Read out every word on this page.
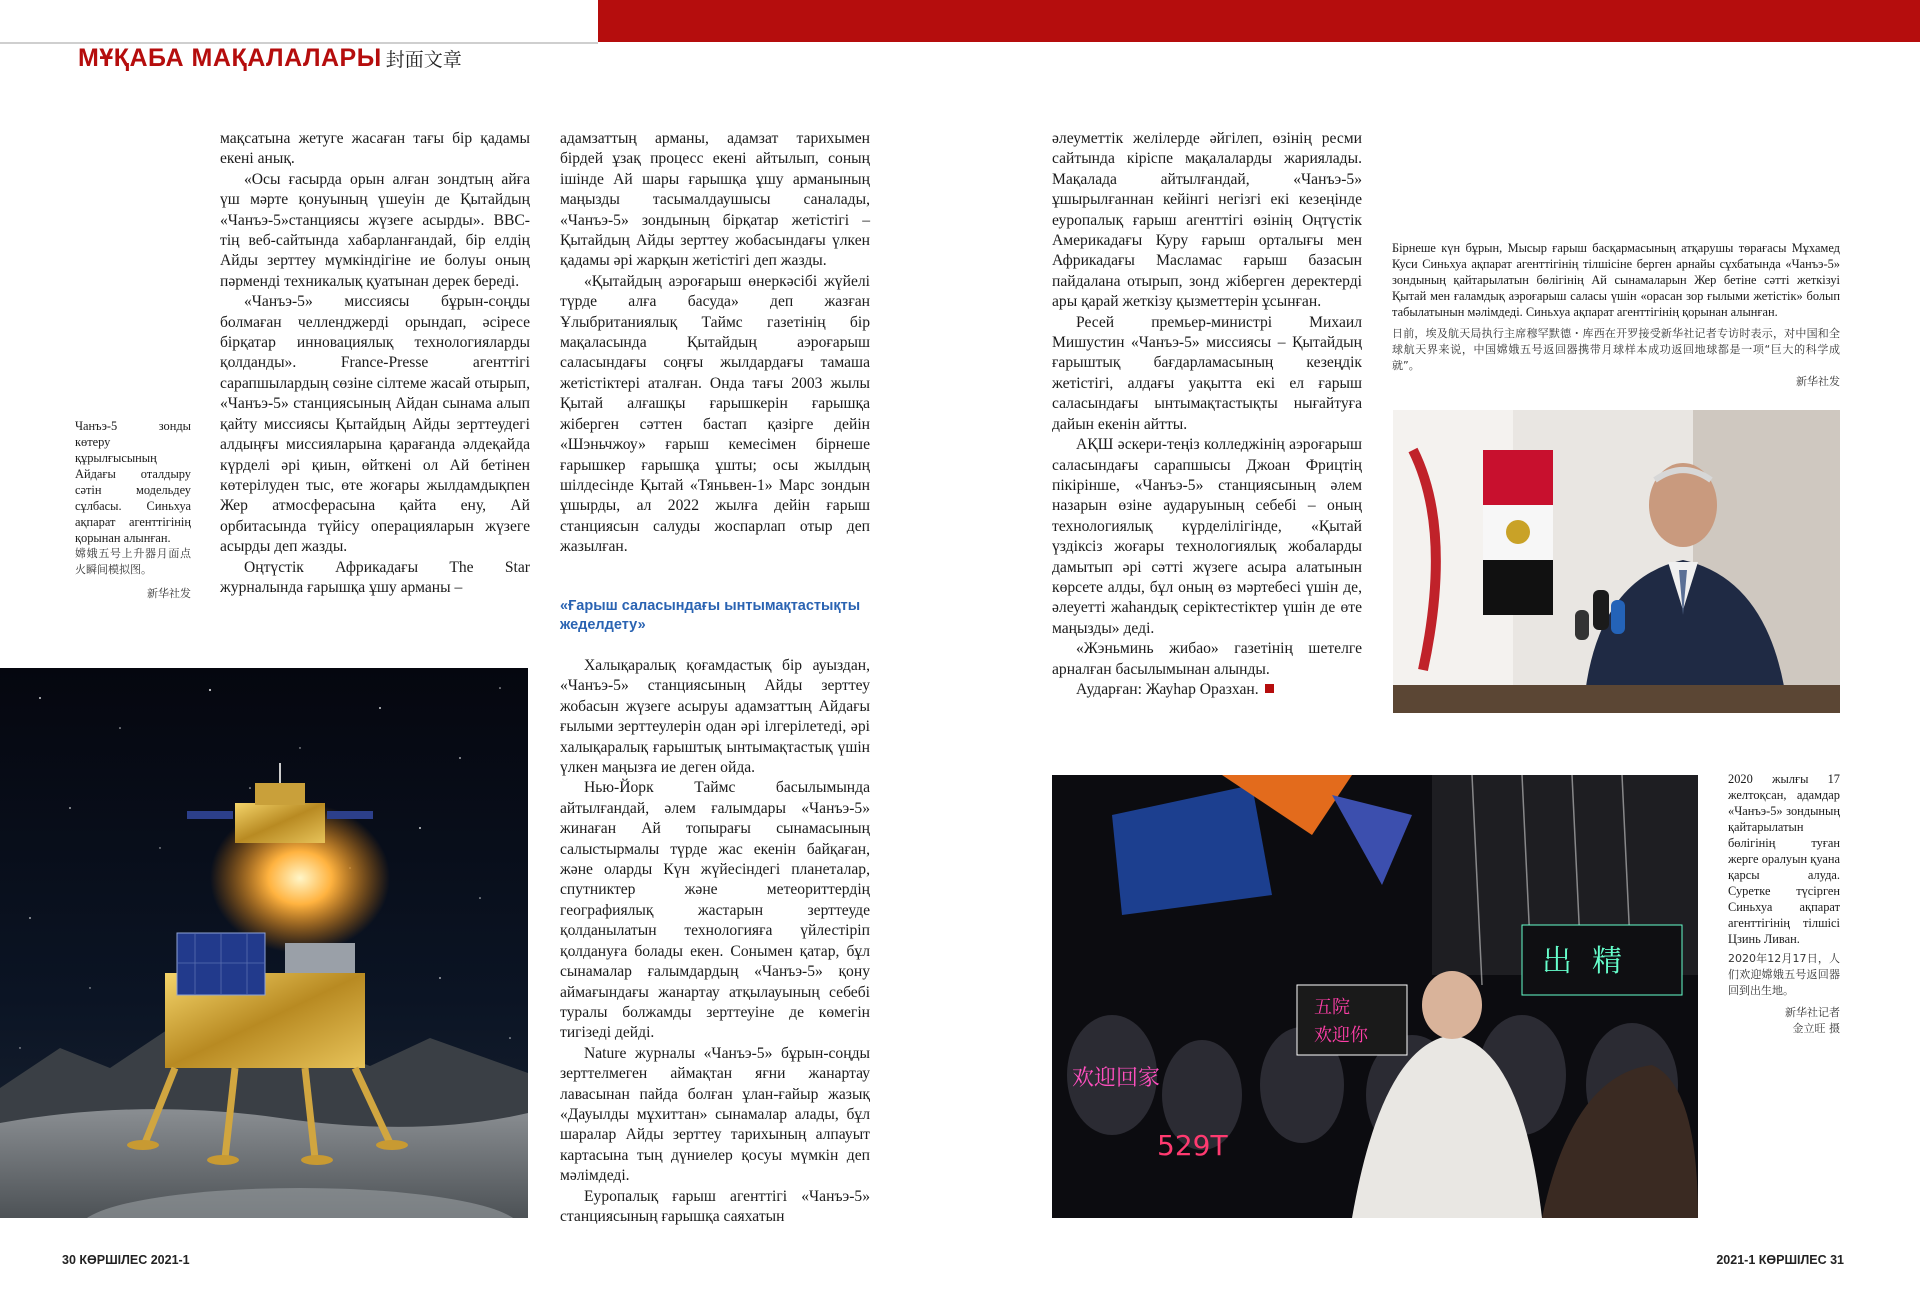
МҰҚАБА МАҚАЛАЛАРЫ 封面文章

мақсатына жетуге жасаған тағы бір қадамы екені анық.

«Осы ғасырда орын алған зондтың айға үш мәрте қонуының үшеуін де Қытайдың «Чанъэ-5»станциясы жүзеге асырды». BBC-тің веб-сайтында хабарланғандай, бір елдің Айды зерттеу мүмкіндігіне ие болуы оның пәрменді техникалық қуатынан дерек береді.

«Чанъэ-5» миссиясы бұрын-соңды болмаған челленджерді орындап, әсіресе бірқатар инновациялық технологияларды қолданды». France-Presse агенттігі сарапшылардың сөзіне сілтеме жасай отырып, «Чанъэ-5» станциясының Айдан сынама алып қайту миссиясы Қытайдың Айды зерттеудегі алдыңғы миссияларына қарағанда әлдеқайда күрделі әрі қиын, өйткені ол Ай бетінен көтерілуден тыс, өте жоғары жылдамдықпен Жер атмосферасына қайта ену, Ай орбитасында түйісу операцияларын жүзеге асырды деп жазды.

Оңтүстік Африкадағы The Star журналында ғарышқа ұшу арманы –

адамзаттың арманы, адамзат тарихымен бірдей ұзақ процесс екені айтылып, соның ішінде Ай шары ғарышқа ұшу арманының маңызды тасымалдаушысы саналады, «Чанъэ-5» зондының бірқатар жетістігі – Қытайдың Айды зерттеу жобасындағы үлкен қадамы әрі жарқын жетістігі деп жазды.

«Қытайдың аэроғарыш өнеркәсібі жүйелі түрде алға басуда» деп жазған Ұлыбританиялық Таймс газетінің бір мақаласында Қытайдың аэроғарыш саласындағы соңғы жылдардағы тамаша жетістіктері аталған. Онда тағы 2003 жылы Қытай алғашқы ғарышкерін ғарышқа жіберген сәттен бастап қазірге дейін «Шэньчжоу» ғарыш кемесімен бірнеше ғарышкер ғарышқа ұшты; осы жылдың шілдесінде Қытай «Тяньвен-1» Марс зондын ұшырды, ал 2022 жылға дейін ғарыш станциясын салуды жоспарлап отыр деп жазылған.

«Ғарыш саласындағы ынтымақтастықты жеделдету»

Халықаралық қоғамдастық бір ауыздан, «Чанъэ-5» станциясының Айды зерттеу жобасын жүзеге асыруы адамзаттың Айдағы ғылыми зерттеулерін одан әрі ілгерілетеді, әрі халықаралық ғарыштық ынтымақтастық үшін үлкен маңызға ие деген ойда.

Нью-Йорк Таймс басылымында айтылғандай, әлем ғалымдары «Чанъэ-5» жинаған Ай топырағы сынамасының салыстырмалы түрде жас екенін байқаған, және оларды Күн жүйесіндегі планеталар, спутниктер және метеориттердің географиялық жастарын зерттеуде қолданылатын технологияға үйлестіріп қолдануға болады екен. Сонымен қатар, бұл сынамалар ғалымдардың «Чанъэ-5» қону аймағындағы жанартау атқылауының себебі туралы болжамды зерттеуіне де көмегін тигізеді дейді.

Nature журналы «Чанъэ-5» бұрын-соңды зерттелмеген аймақтан яғни жанартау лавасынан пайда болған ұлан-ғайыр жазық «Дауылды мұхиттан» сынамалар алады, бұл шаралар Айды зерттеу тарихының алпауыт картасына тың дүниелер қосуы мүмкін деп мәлімдеді.

Еуропалық ғарыш агенттігі «Чанъэ-5» станциясының ғарышқа саяхатын

әлеуметтік желілерде әйгілеп, өзінің ресми сайтында кіріспе мақалаларды жариялады. Мақалада айтылғандай, «Чанъэ-5» ұшырылғаннан кейінгі негізгі екі кезеңінде еуропалық ғарыш агенттігі өзінің Оңтүстік Америкадағы Куру ғарыш орталығы мен Африкадағы Масламаc ғарыш базасын пайдалана отырып, зонд жіберген деректерді ары қарай жеткізу қызметтерін ұсынған.

Ресей премьер-министрі Михаил Мишустин «Чанъэ-5» миссиясы – Қытайдың ғарыштық бағдарламасының кезеңдік жетістігі, алдағы уақытта екі ел ғарыш саласындағы ынтымақтастықты нығайтуға дайын екенін айтты.

АҚШ әскери-теңіз колледжінің аэроғарыш саласындағы сарапшысы Джоан Фрицтің пікірінше, «Чанъэ-5» станциясының әлем назарын өзіне аударуының себебі – оның технологиялық күрделілігінде, «Қытай үздіксіз жоғары технологиялық жобаларды дамытып әрі сәтті жүзеге асыра алатынын көрсете алды, бұл оның өз мәртебесі үшін де, әлеуетті жаһандық серіктестіктер үшін де өте маңызды» деді.

«Жэньминь жибао» газетінің шетелге арналған басылымынан алынды.

Аударған: Жауһар Оразхан.

Чанъэ-5 зонды көтеру құрылғысының Айдағы оталдыру сәтін модельдеу сұлбасы. Синьхуа ақпарат агенттігінің қорынан алынған.
嫦娥五号上升器月面点火瞬间模拟图。
新华社发
Бірнеше күн бұрын, Мысыр ғарыш басқармасының атқарушы төрағасы Мұхамед Куси Синьхуа ақпарат агенттігінің тілшісіне берген арнайы сұхбатында «Чанъэ-5» зондының қайтарылатын бөлігінің Ай сынамаларын Жер бетіне сәтті жеткізуі Қытай мен ғаламдық аэроғарыш саласы үшін «орасан зор ғылыми жетістік» болып табылатынын мәлімдеді. Синьхуа ақпарат агенттігінің қорынан алынған.
日前，埃及航天局执行主席穆罕默德・库西在开罗接受新华社记者专访时表示，对中国和全球航天界来说，中国嫦娥五号返回器携带月球样本成功返回地球都是一项“巨大的科学成就”。
新华社发
2020 жылғы 17 желтоқсан, адамдар «Чанъэ-5» зондының қайтарылатын бөлігінің туған жерге оралуын қуана қарсы алуда. Суретке түсірген Синьхуа ақпарат агенттігінің тілшісі Цзинь Ливан.
2020年12月17日，人们欢迎嫦娥五号返回器回到出生地。
新华社记者
金立旺 摄
五院
欢迎你
欢迎回家
529T
出 精
30 КӨРШІЛЕС 2021-1	2021-1 КӨРШІЛЕС 31
